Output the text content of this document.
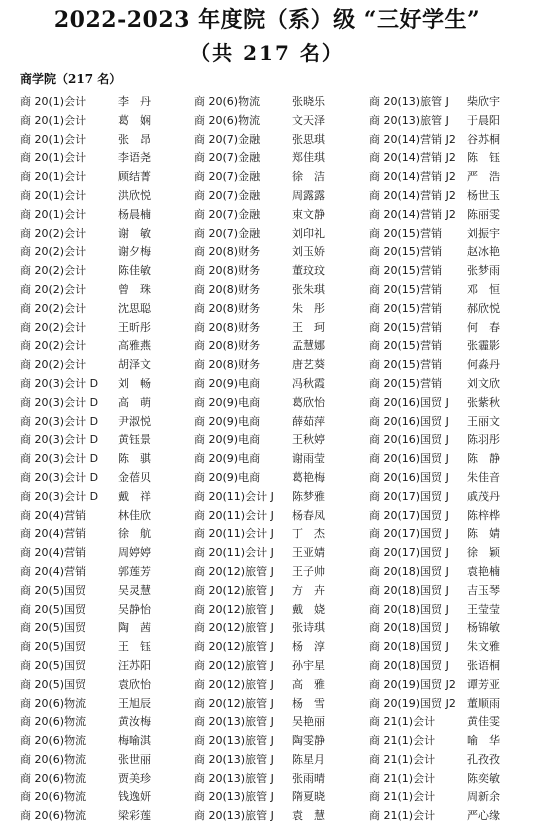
2022-2023 年度院（系）级 “三好学生”
（共 217 名）
商学院（217 名）
商 20(1)会计	李　丹	商 20(6)物流	张晓乐	商 20(13)旅管 J 柴欣宇
商 20(1)会计	葛　娴	商 20(6)物流	文天泽	商 20(13)旅管 J 于晨阳
商 20(1)会计	张　昂	商 20(7)金融	张思琪	商 20(14)营销 J2 谷苏桐
商 20(1)会计	李语尧	商 20(7)金融	郑佳琪	商 20(14)营销 J2 陈　钰
商 20(1)会计	顾结菁	商 20(7)金融	徐　洁	商 20(14)营销 J2 严　浩
商 20(1)会计	洪欣悦	商 20(7)金融	周露露	商 20(14)营销 J2 杨世玉
商 20(1)会计	杨晨楠	商 20(7)金融	束文静	商 20(14)营销 J2 陈丽雯
商 20(2)会计	谢　敏	商 20(7)金融	刘印礼	商 20(15)营销 刘振宇
商 20(2)会计	谢夕梅	商 20(8)财务	刘玉娇	商 20(15)营销 赵冰艳
商 20(2)会计	陈佳敏	商 20(8)财务	董玟玟	商 20(15)营销 张梦雨
商 20(2)会计	曾　珠	商 20(8)财务	张朱琪	商 20(15)营销 邓　恒
商 20(2)会计	沈思聪	商 20(8)财务	朱　彤	商 20(15)营销 郝欣悦
商 20(2)会计	王昕彤	商 20(8)财务	王　珂	商 20(15)营销 何　春
商 20(2)会计	高雅燕	商 20(8)财务	孟慧娜	商 20(15)营销 张霾影
商 20(2)会计	胡泽文	商 20(8)财务	唐艺葵	商 20(15)营销 何淼丹
商 20(3)会计 D 刘　畅	商 20(9)电商	冯秋霞	商 20(15)营销 刘文欣
商 20(3)会计 D 高　萌	商 20(9)电商	葛欣怡	商 20(16)国贸 J 张紫秋
商 20(3)会计 D 尹淑悦	商 20(9)电商	薛茹萍	商 20(16)国贸 J 王丽文
商 20(3)会计 D 黄钰景	商 20(9)电商	王秋婷	商 20(16)国贸 J 陈羽彤
商 20(3)会计 D 陈　骐	商 20(9)电商	谢雨莹	商 20(16)国贸 J 陈　静
商 20(3)会计 D 金蓓贝	商 20(9)电商	葛艳梅	商 20(16)国贸 J 朱佳音
商 20(3)会计 D 戴　祥	商 20(11)会计 J 陈梦雅	商 20(17)国贸 J 戚茂丹
商 20(4)营销	林佳欣	商 20(11)会计 J 杨春凤	商 20(17)国贸 J 陈梓桦
商 20(4)营销	徐　航	商 20(11)会计 J 丁　杰	商 20(17)国贸 J 陈　婧
商 20(4)营销	周婷婷	商 20(11)会计 J 王亚婧	商 20(17)国贸 J 徐　颖
商 20(4)营销	郭莲芳	商 20(12)旅管 J 王子帅	商 20(18)国贸 J 袁艳楠
商 20(5)国贸	吴灵慧	商 20(12)旅管 J 方　卉	商 20(18)国贸 J 吉玉琴
商 20(5)国贸	吴静怡	商 20(12)旅管 J 戴　娆	商 20(18)国贸 J 王莹莹
商 20(5)国贸	陶　茜	商 20(12)旅管 J 张诗琪	商 20(18)国贸 J 杨锦敏
商 20(5)国贸	王　钰	商 20(12)旅管 J 杨　淳	商 20(18)国贸 J 朱文雅
商 20(5)国贸	汪苏阳	商 20(12)旅管 J 孙宇星	商 20(18)国贸 J 张语桐
商 20(5)国贸	袁欣怡	商 20(12)旅管 J 高　雅	商 20(19)国贸 J2 谭芳亚
商 20(6)物流	王旭辰	商 20(12)旅管 J 杨　雪	商 20(19)国贸 J2 董顺雨
商 20(6)物流	黄汝梅	商 20(13)旅管 J 吴艳丽	商 21(1)会计	黄佳雯
商 20(6)物流	梅喻淇	商 20(13)旅管 J 陶雯静	商 21(1)会计	喻　华
商 20(6)物流	张世丽	商 20(13)旅管 J 陈星月	商 21(1)会计	孔孜孜
商 20(6)物流	贾美珍	商 20(13)旅管 J 张雨晴	商 21(1)会计	陈奕敏
商 20(6)物流	钱逸妍	商 20(13)旅管 J 隋夏晓	商 21(1)会计	周新余
商 20(6)物流	梁彩莲	商 20(13)旅管 J 袁　慧	商 21(1)会计	严心缘
